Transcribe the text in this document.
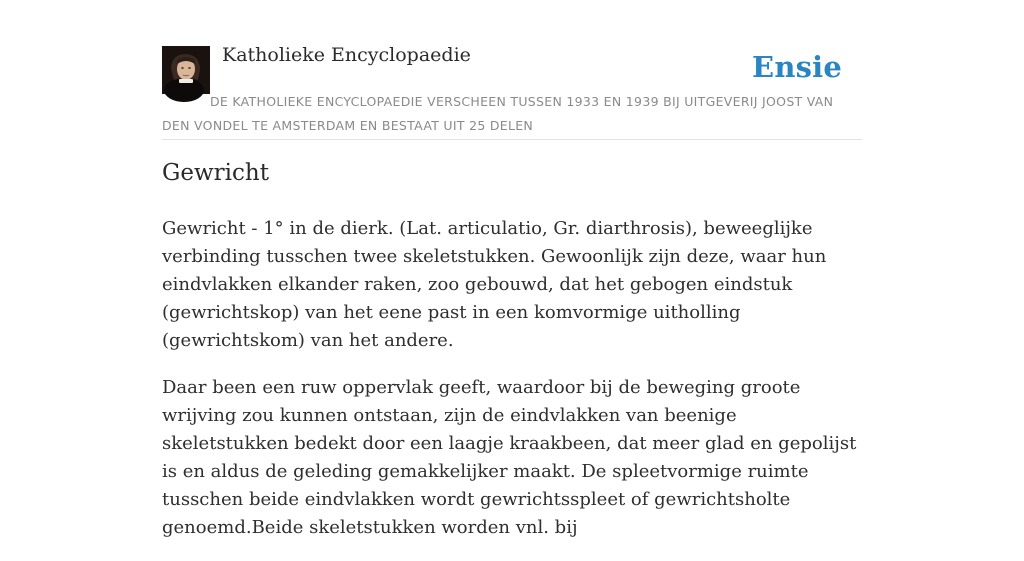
Katholieke Encyclopaedie	Ensie
DE KATHOLIEKE ENCYCLOPAEDIE VERSCHEEN TUSSEN 1933 EN 1939 BIJ UITGEVERIJ JOOST VAN DEN VONDEL TE AMSTERDAM EN BESTAAT UIT 25 DELEN
Gewricht

Gewricht - 1° in de dierk. (Lat. articulatio, Gr. diarthrosis), beweeglijke verbinding tusschen twee skeletstukken. Gewoonlijk zijn deze, waar hun eindvlakken elkander raken, zoo gebouwd, dat het gebogen eindstuk (gewrichtskop) van het eene past in een komvormige uitholling (gewrichtskom) van het andere.

Daar been een ruw oppervlak geeft, waardoor bij de beweging groote wrijving zou kunnen ontstaan, zijn de eindvlakken van beenige skeletstukken bedekt door een laagje kraakbeen, dat meer glad en gepolijst is en aldus de geleding gemakkelijker maakt. De spleetvormige ruimte tusschen beide eindvlakken wordt gewrichtsspleet of gewrichtsholte genoemd.Beide skeletstukken worden vnl. bij
